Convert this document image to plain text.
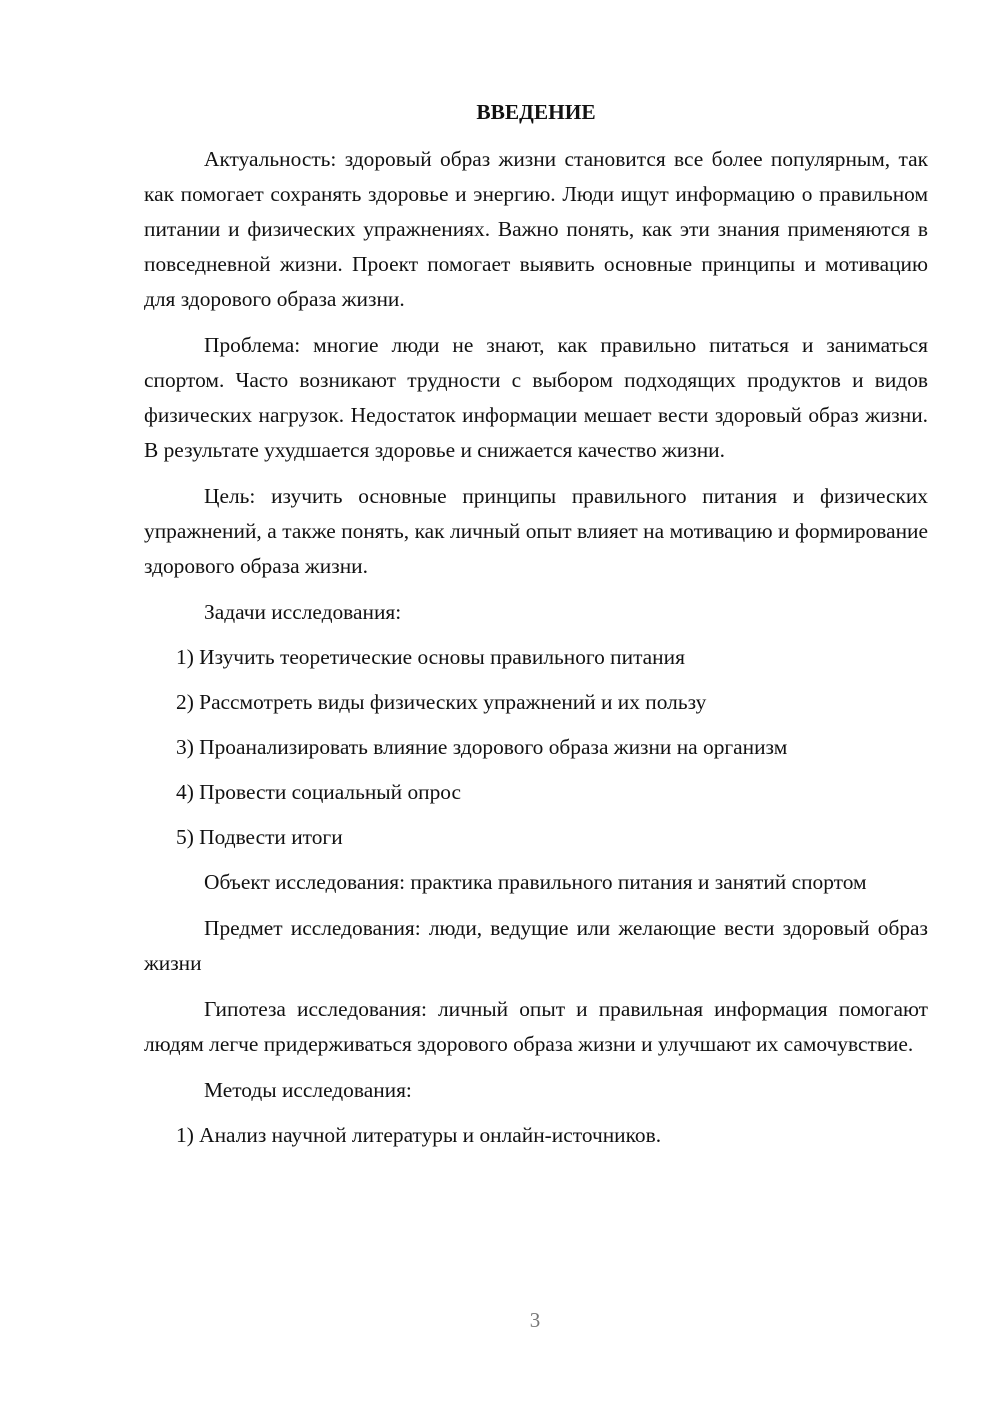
ВВЕДЕНИЕ

Актуальность: здоровый образ жизни становится все более популярным, так как помогает сохранять здоровье и энергию. Люди ищут информацию о правильном питании и физических упражнениях. Важно понять, как эти знания применяются в повседневной жизни. Проект помогает выявить основные принципы и мотивацию для здорового образа жизни.

Проблема: многие люди не знают, как правильно питаться и заниматься спортом. Часто возникают трудности с выбором подходящих продуктов и видов физических нагрузок. Недостаток информации мешает вести здоровый образ жизни. В результате ухудшается здоровье и снижается качество жизни.

Цель: изучить основные принципы правильного питания и физических упражнений, а также понять, как личный опыт влияет на мотивацию и формирование здорового образа жизни.

Задачи исследования:

1) Изучить теоретические основы правильного питания
2) Рассмотреть виды физических упражнений и их пользу
3) Проанализировать влияние здорового образа жизни на организм
4) Провести социальный опрос
5) Подвести итоги

Объект исследования: практика правильного питания и занятий спортом

Предмет исследования: люди, ведущие или желающие вести здоровый образ жизни

Гипотеза исследования: личный опыт и правильная информация помогают людям легче придерживаться здорового образа жизни и улучшают их самочувствие.

Методы исследования:

1) Анализ научной литературы и онлайн-источников.
3
